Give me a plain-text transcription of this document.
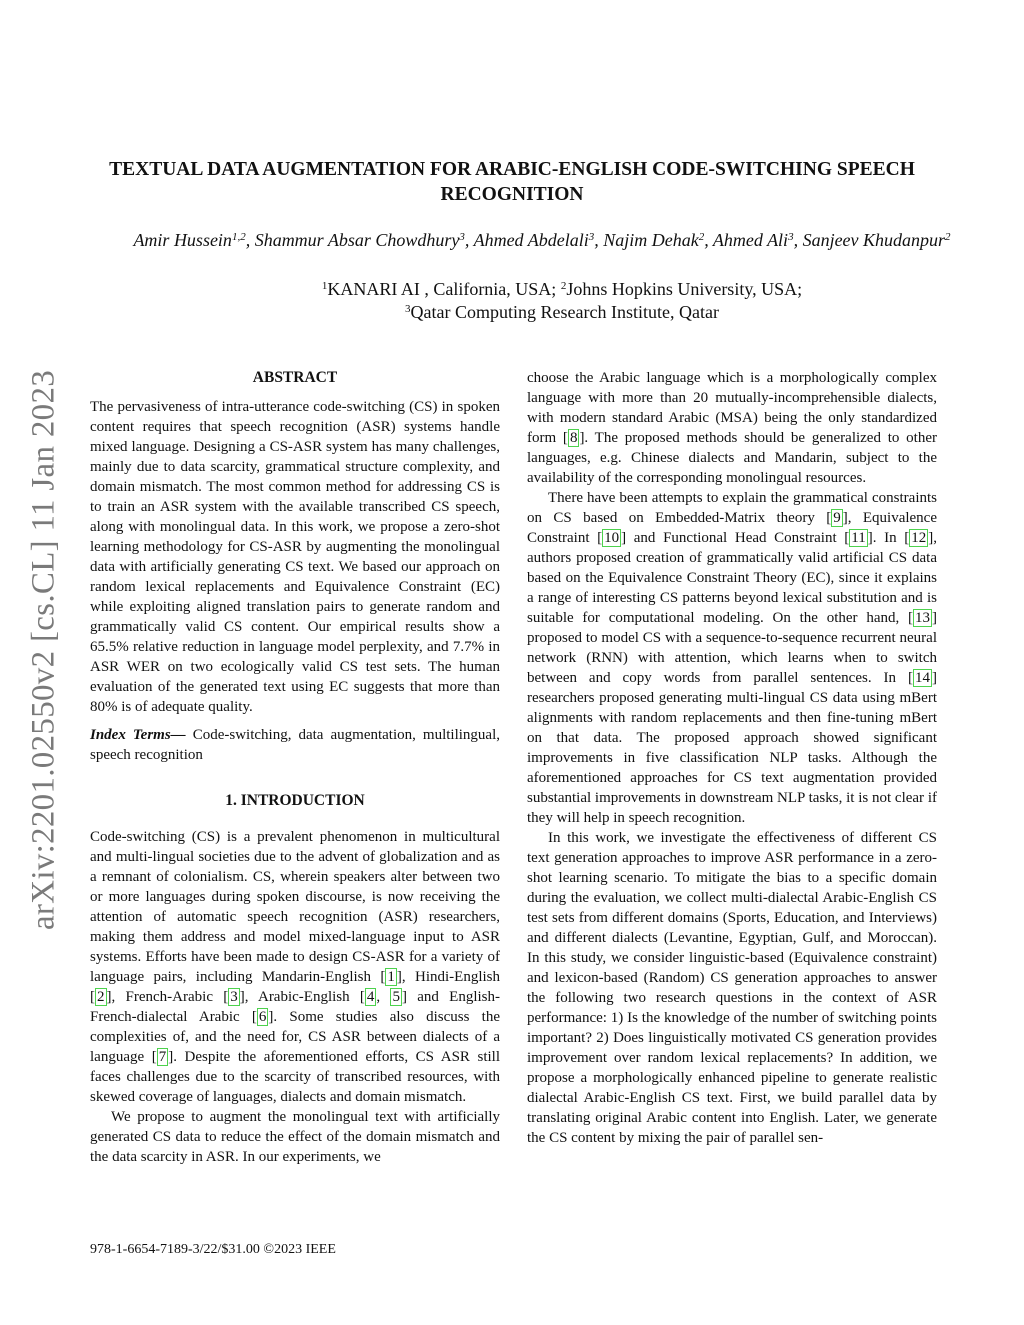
arXiv:2201.02550v2 [cs.CL] 11 Jan 2023
TEXTUAL DATA AUGMENTATION FOR ARABIC-ENGLISH CODE-SWITCHING SPEECH
RECOGNITION
Amir Hussein$^{1,2}$, Shammur Absar Chowdhury$^3$, Ahmed Abdelali$^3$, Najim Dehak$^2$, Ahmed Ali$^3$, Sanjeev Khudanpur$^2$
$^1$KANARI AI , California, USA; $^2$Johns Hopkins University, USA;
$^3$Qatar Computing Research Institute, Qatar
ABSTRACT

The pervasiveness of intra-utterance code-switching (CS) in spoken content requires that speech recognition (ASR) systems handle mixed language. Designing a CS-ASR system has many challenges, mainly due to data scarcity, grammatical structure complexity, and domain mismatch. The most common method for addressing CS is to train an ASR system with the available transcribed CS speech, along with monolingual data. In this work, we propose a zero-shot learning methodology for CS-ASR by augmenting the monolingual data with artificially generating CS text. We based our approach on random lexical replacements and Equivalence Constraint (EC) while exploiting aligned translation pairs to generate random and grammatically valid CS content. Our empirical results show a 65.5% relative reduction in language model perplexity, and 7.7% in ASR WER on two ecologically valid CS test sets. The human evaluation of the generated text using EC suggests that more than 80% is of adequate quality.

Index Terms— Code-switching, data augmentation, multilingual, speech recognition

1. INTRODUCTION

Code-switching (CS) is a prevalent phenomenon in multicultural and multi-lingual societies due to the advent of globalization and as a remnant of colonialism. CS, wherein speakers alter between two or more languages during spoken discourse, is now receiving the attention of automatic speech recognition (ASR) researchers, making them address and model mixed-language input to ASR systems. Efforts have been made to design CS-ASR for a variety of language pairs, including Mandarin-English [ 1 ], Hindi-English [ 2 ], French-Arabic [ 3 ], Arabic-English [ 4 , 5 ] and English-French-dialectal Arabic [ 6 ]. Some studies also discuss the complexities of, and the need for, CS ASR between dialects of a language [ 7 ]. Despite the aforementioned efforts, CS ASR still faces challenges due to the scarcity of transcribed resources, with skewed coverage of languages, dialects and domain mismatch.

We propose to augment the monolingual text with artificially generated CS data to reduce the effect of the domain mismatch and the data scarcity in ASR. In our experiments, we

choose the Arabic language which is a morphologically complex language with more than 20 mutually-incomprehensible dialects, with modern standard Arabic (MSA) being the only standardized form [ 8 ]. The proposed methods should be generalized to other languages, e.g. Chinese dialects and Mandarin, subject to the availability of the corresponding monolingual resources.

There have been attempts to explain the grammatical constraints on CS based on Embedded-Matrix theory [ 9 ], Equivalence Constraint [ 10 ] and Functional Head Constraint [ 11 ]. In [ 12 ], authors proposed creation of grammatically valid artificial CS data based on the Equivalence Constraint Theory (EC), since it explains a range of interesting CS patterns beyond lexical substitution and is suitable for computational modeling. On the other hand, [ 13 ] proposed to model CS with a sequence-to-sequence recurrent neural network (RNN) with attention, which learns when to switch between and copy words from parallel sentences. In [ 14 ] researchers proposed generating multi-lingual CS data using mBert alignments with random replacements and then fine-tuning mBert on that data. The proposed approach showed significant improvements in five classification NLP tasks. Although the aforementioned approaches for CS text augmentation provided substantial improvements in downstream NLP tasks, it is not clear if they will help in speech recognition.

In this work, we investigate the effectiveness of different CS text generation approaches to improve ASR performance in a zero-shot learning scenario. To mitigate the bias to a specific domain during the evaluation, we collect multi-dialectal Arabic-English CS test sets from different domains (Sports, Education, and Interviews) and different dialects (Levantine, Egyptian, Gulf, and Moroccan). In this study, we consider linguistic-based (Equivalence constraint) and lexicon-based (Random) CS generation approaches to answer the following two research questions in the context of ASR performance: 1) Is the knowledge of the number of switching points important? 2) Does linguistically motivated CS generation provides improvement over random lexical replacements? In addition, we propose a morphologically enhanced pipeline to generate realistic dialectal Arabic-English CS text. First, we build parallel data by translating original Arabic content into English. Later, we generate the CS content by mixing the pair of parallel sen-

978-1-6654-7189-3/22/$31.00 ©2023 IEEE
